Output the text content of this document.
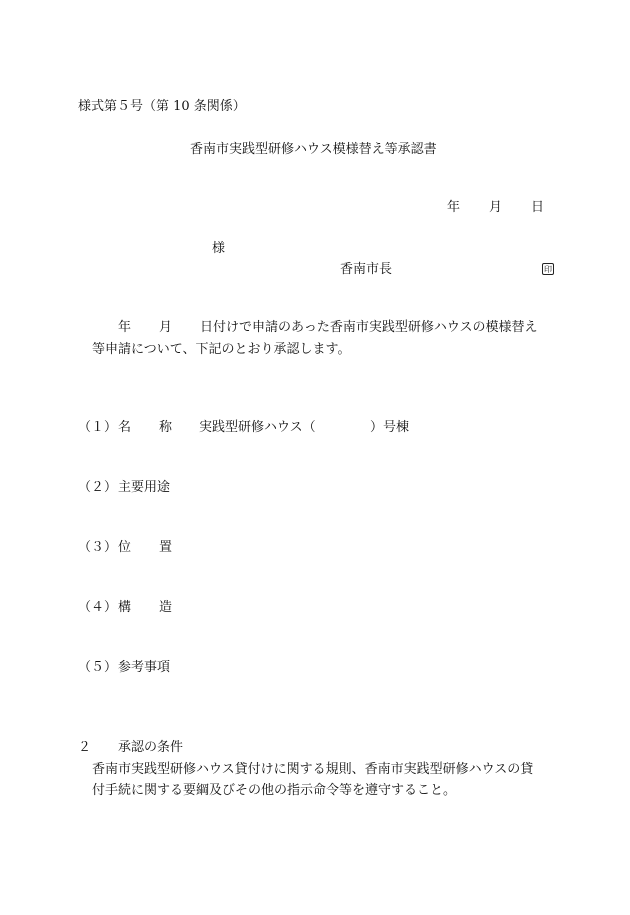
様式第５号（第 10 条関係）
香南市実践型研修ハウス模様替え等承認書
年 月 日
様
香南市長	印
年 月 日付けで申請のあった香南市実践型研修ハウスの模様替え
等申請について、下記のとおり承認します。
（１） 名 称 実践型研修ハウス（	）号棟
（２） 主要用途
（３） 位 置
（４） 構 造
（５） 参考事項
２ 承認の条件
香南市実践型研修ハウス貸付けに関する規則、香南市実践型研修ハウスの貸
付手続に関する要綱及びその他の指示命令等を遵守すること。
